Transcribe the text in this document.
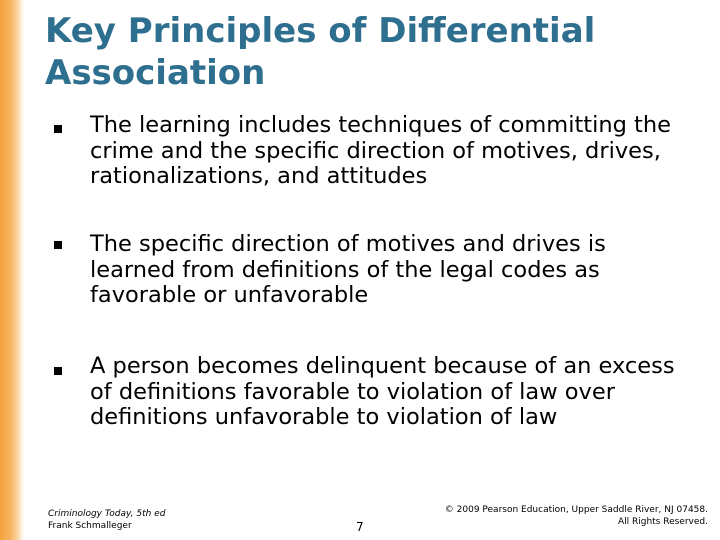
Key Principles of Differential Association
The learning includes techniques of committing the crime and the specific direction of motives, drives, rationalizations, and attitudes
The specific direction of motives and drives is learned from definitions of the legal codes as favorable or unfavorable
A person becomes delinquent because of an excess of definitions favorable to violation of law over definitions unfavorable to violation of law
Criminology Today, 5th ed
Frank Schmalleger	7
© 2009 Pearson Education, Upper Saddle River, NJ 07458.
All Rights Reserved.
